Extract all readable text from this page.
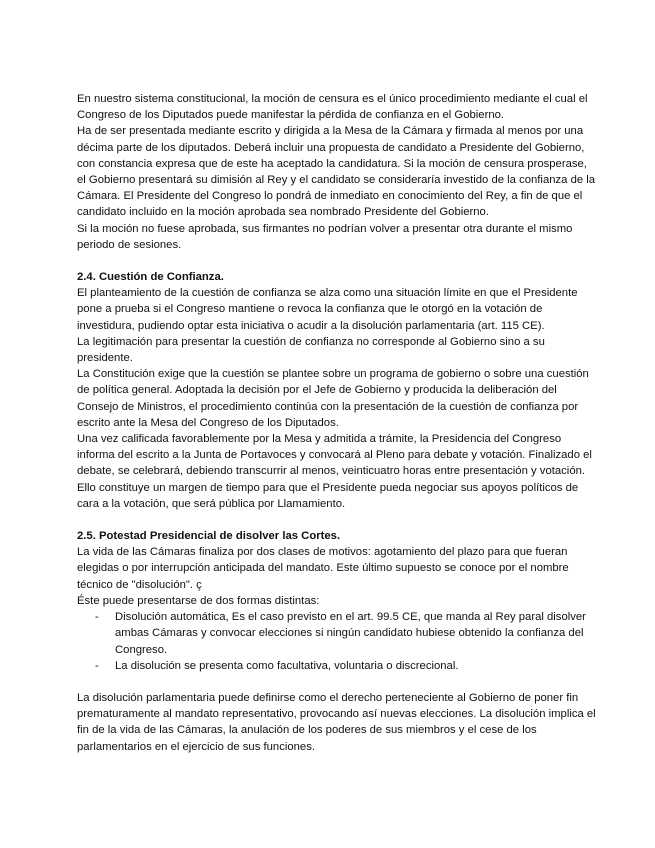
En nuestro sistema constitucional, la moción de censura es el único procedimiento mediante el cual el Congreso de los Diputados puede manifestar la pérdida de confianza en el Gobierno.

Ha de ser presentada mediante escrito y dirigida a la Mesa de la Cámara y firmada al menos por una décima parte de los diputados. Deberá incluir una propuesta de candidato a Presidente del Gobierno, con constancia expresa que de este ha aceptado la candidatura. Si la moción de censura prosperase, el Gobierno presentará su dimisión al Rey y el candidato se consideraría investido de la confianza de la Cámara. El Presidente del Congreso lo pondrá de inmediato en conocimiento del Rey, a fin de que el candidato incluido en la moción aprobada sea nombrado Presidente del Gobierno.

Si la moción no fuese aprobada, sus firmantes no podrían volver a presentar otra durante el mismo periodo de sesiones.

2.4. Cuestión de Confianza.

El planteamiento de la cuestión de confianza se alza como una situación límite en que el Presidente pone a prueba si el Congreso mantiene o revoca la confianza que le otorgó en la votación de investidura, pudiendo optar esta iniciativa o acudir a la disolución parlamentaria (art. 115 CE).

La legitimación para presentar la cuestión de confianza no corresponde al Gobierno sino a su presidente.

La Constitución exige que la cuestión se plantee sobre un programa de gobierno o sobre una cuestión de política general. Adoptada la decisión por el Jefe de Gobierno y producida la deliberación del Consejo de Ministros, el procedimiento continúa con la presentación de la cuestión de confianza por escrito ante la Mesa del Congreso de los Diputados.

Una vez calificada favorablemente por la Mesa y admitida a trámite, la Presidencia del Congreso informa del escrito a la Junta de Portavoces y convocará al Pleno para debate y votación. Finalizado el debate, se celebrará, debiendo transcurrir al menos, veinticuatro horas entre presentación y votación. Ello constituye un margen de tiempo para que el Presidente pueda negociar sus apoyos políticos de cara a la votación, que será pública por Llamamiento.

2.5. Potestad Presidencial de disolver las Cortes.

La vida de las Cámaras finaliza por dos clases de motivos: agotamiento del plazo para que fueran elegidas o por interrupción anticipada del mandato. Este último supuesto se conoce por el nombre técnico de "disolución". ç

Éste puede presentarse de dos formas distintas:

- Disolución automática, Es el caso previsto en el art. 99.5 CE, que manda al Rey paral disolver ambas Cámaras y convocar elecciones si ningún candidato hubiese obtenido la confianza del Congreso.
- La disolución se presenta como facultativa, voluntaria o discrecional.

La disolución parlamentaria puede definirse como el derecho perteneciente al Gobierno de poner fin prematuramente al mandato representativo, provocando así nuevas elecciones. La disolución implica el fin de la vida de las Cámaras, la anulación de los poderes de sus miembros y el cese de los parlamentarios en el ejercicio de sus funciones.
